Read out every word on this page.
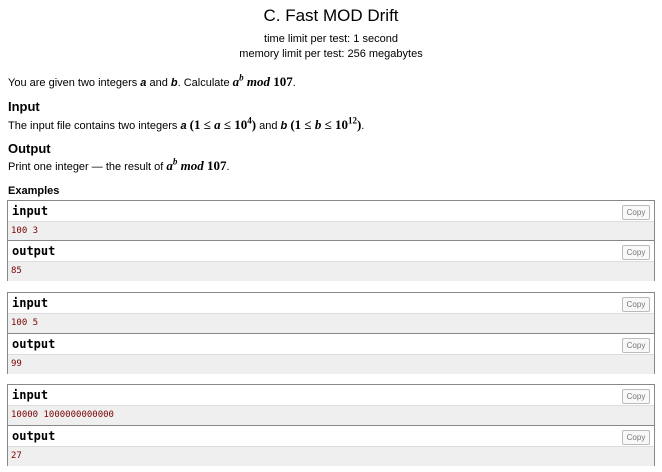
C. Fast MOD Drift
time limit per test: 1 second
memory limit per test: 256 megabytes
You are given two integers a and b. Calculate $a^b$ mod 107.
Input
The input file contains two integers a $(1 \le a \le 10^4)$ and b $(1 \le b \le 10^{12})$.
Output
Print one integer — the result of $a^b$ mod 107.
Examples
input	Copy
100 3
output	Copy
85
input	Copy
100 5
output	Copy
99
input	Copy
10000 1000000000000
output	Copy
27
